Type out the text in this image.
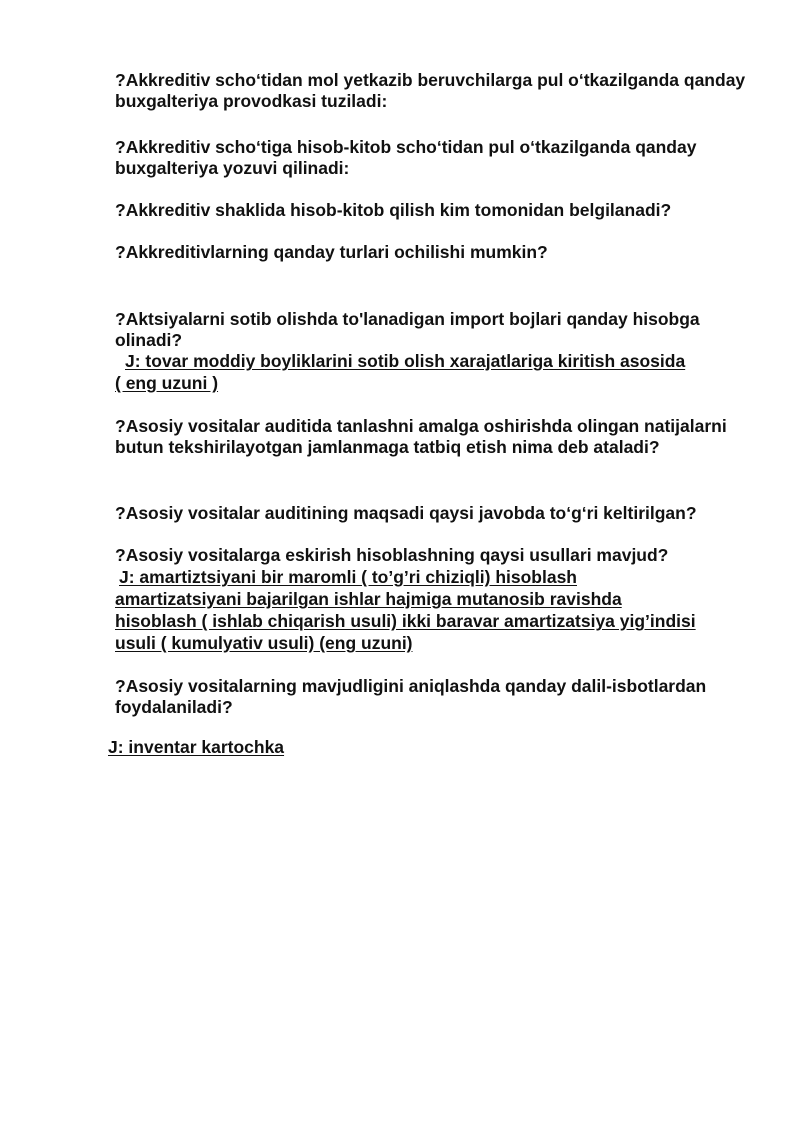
?Akkreditiv scho‘tidan mol yetkazib beruvchilarga pul o‘tkazilganda qanday buxgalteriya provodkasi tuziladi:

?Akkreditiv scho‘tiga hisob-kitob scho‘tidan pul o‘tkazilganda qanday buxgalteriya yozuvi qilinadi:

?Akkreditiv shaklida hisob-kitob qilish kim tomonidan belgilanadi?

?Akkreditivlarning qanday turlari ochilishi mumkin?

?Aktsiyalarni sotib olishda to'lanadigan import bojlari qanday hisobga olinadi?

J: tovar moddiy boyliklarini sotib olish xarajatlariga kiritish asosida

( eng uzuni )

?Asosiy vositalar auditida tanlashni amalga oshirishda olingan natijalarni butun tekshirilayotgan jamlanmaga tatbiq etish nima deb ataladi?

?Asosiy vositalar auditining maqsadi qaysi javobda to‘g‘ri keltirilgan?

?Asosiy vositalarga eskirish hisoblashning qaysi usullari mavjud?

J: amartiztsiyani bir maromli ( to’g’ri chiziqli) hisoblash

amartizatsiyani bajarilgan ishlar hajmiga mutanosib ravishda

hisoblash ( ishlab chiqarish usuli) ikki baravar amartizatsiya yig’indisi

usuli ( kumulyativ usuli) (eng uzuni)

?Asosiy vositalarning mavjudligini aniqlashda qanday dalil-isbotlardan foydalaniladi?

J: inventar kartochka
